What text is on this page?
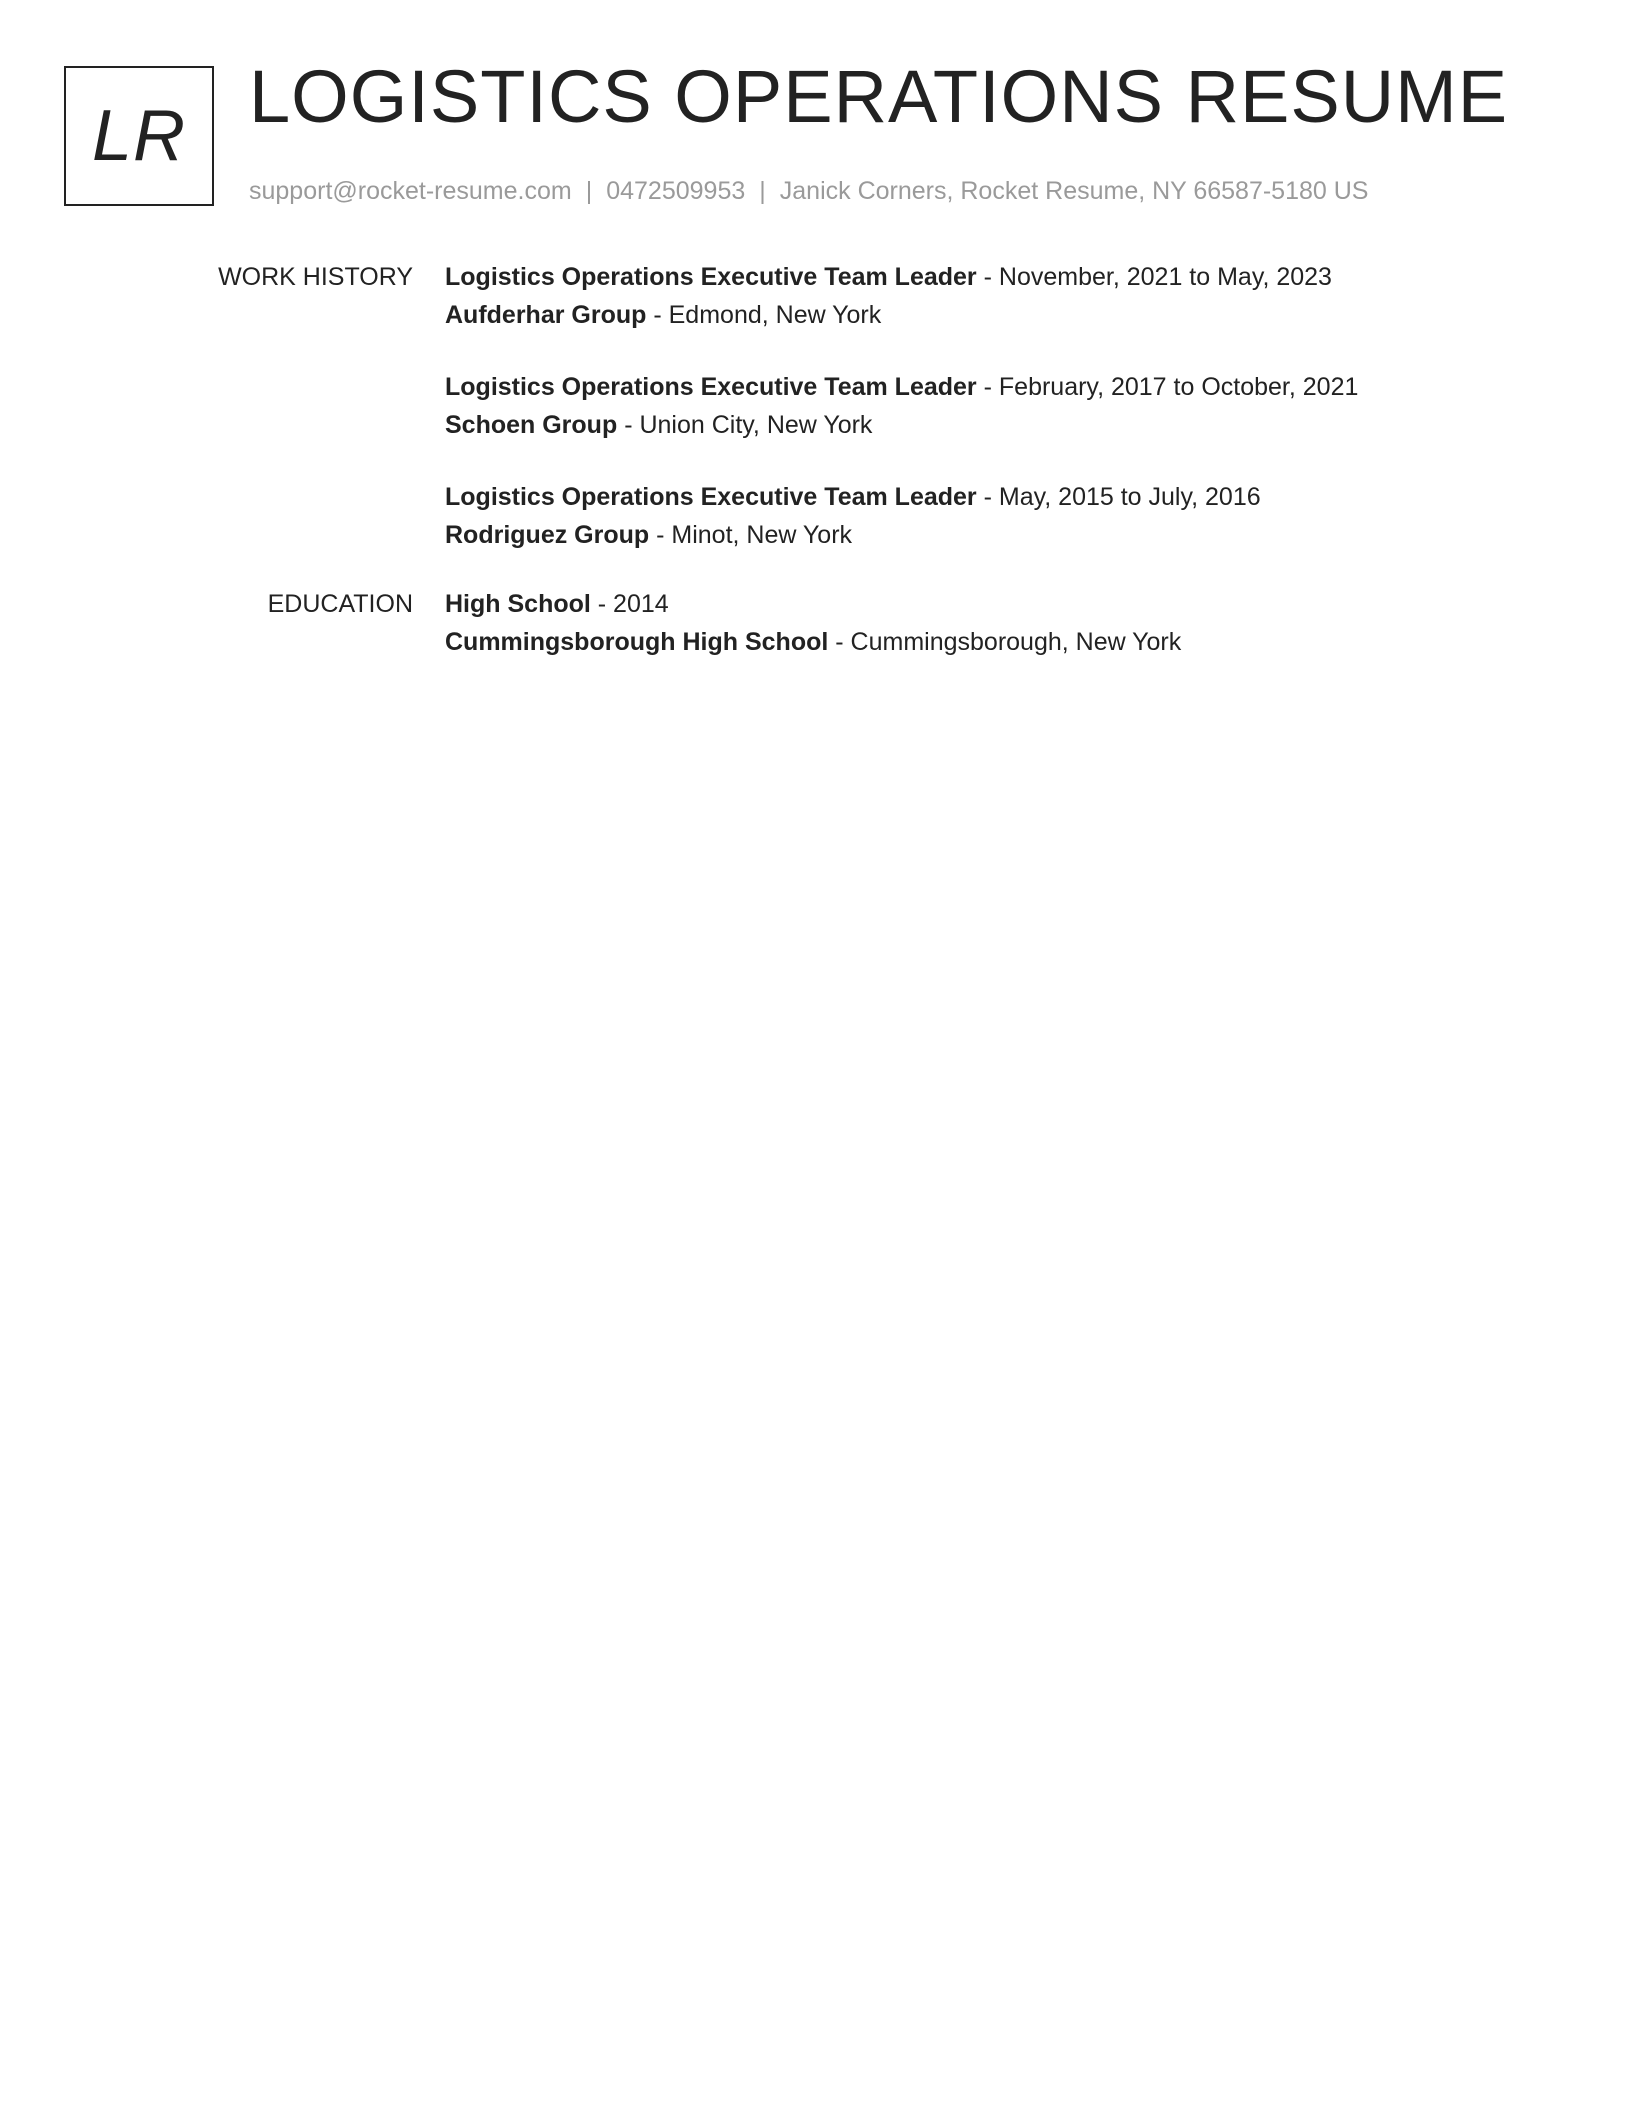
LR LOGISTICS OPERATIONS RESUME
support@rocket-resume.com | 0472509953 | Janick Corners, Rocket Resume, NY 66587-5180 US
WORK HISTORY Logistics Operations Executive Team Leader - November, 2021 to May, 2023
Aufderhar Group - Edmond, New York
Logistics Operations Executive Team Leader - February, 2017 to October, 2021
Schoen Group - Union City, New York
Logistics Operations Executive Team Leader - May, 2015 to July, 2016
Rodriguez Group - Minot, New York
EDUCATION High School - 2014
Cummingsborough High School - Cummingsborough, New York
